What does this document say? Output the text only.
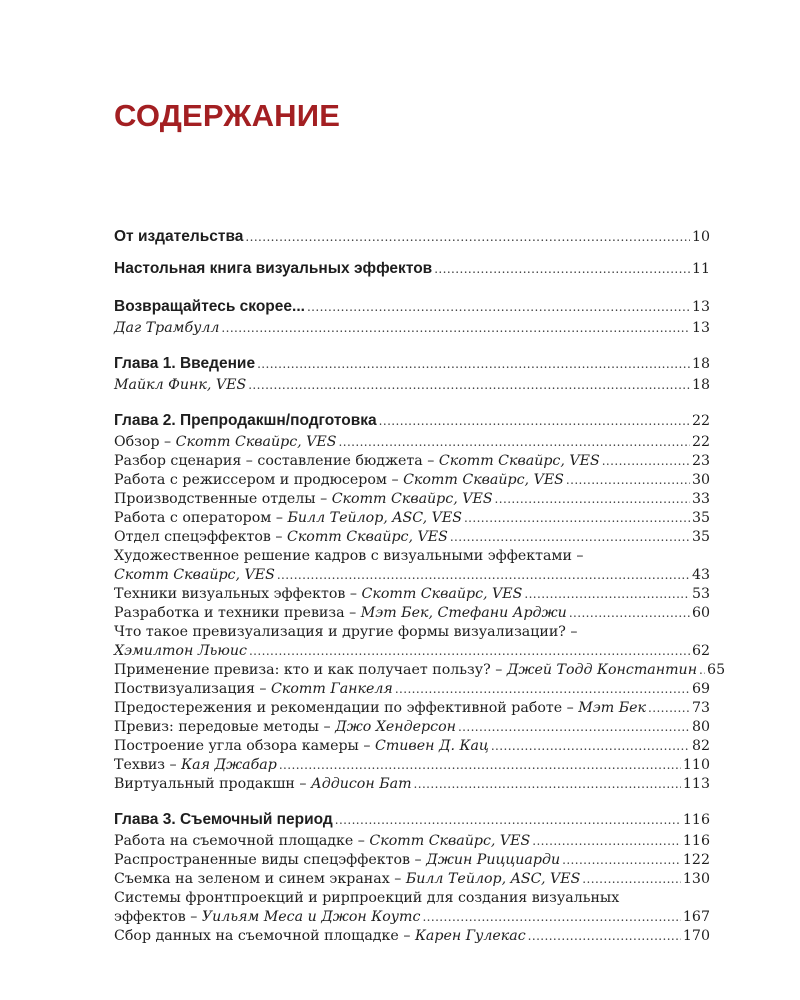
СОДЕРЖАНИЕ
От издательства .....	10
Настольная книга визуальных эффектов .....	11
Возвращайтесь скорее... .....	13
Даг Трамбулл .....	13
Глава 1. Введение .....	18
Майкл Финк, VES .....	18
Глава 2. Препродакшн/подготовка .....	22
Обзор – Скотт Сквайрс, VES .....	22
Разбор сценария – составление бюджета – Скотт Сквайрс, VES .....	23
Работа с режиссером и продюсером – Скотт Сквайрс, VES .....	30
Производственные отделы – Скотт Сквайрс, VES .....	33
Работа с оператором – Билл Тейлор, ASC, VES .....	35
Отдел спецэффектов – Скотт Сквайрс, VES .....	35
Художественное решение кадров с визуальными эффектами –
Скотт Сквайрс, VES .....	43
Техники визуальных эффектов – Скотт Сквайрс, VES .....	53
Разработка и техники превиза – Мэт Бек, Стефани Арджи .....	60
Что такое превизуализация и другие формы визуализации? –
Хэмилтон Льюис .....	62
Применение превиза: кто и как получает пользу? – Джей Тодд Константин ..... 65
Поствизуализация – Скотт Ганкеля .....	69
Предостережения и рекомендации по эффективной работе – Мэт Бек .....	73
Превиз: передовые методы – Джо Хендерсон .....	80
Построение угла обзора камеры – Стивен Д. Кац .....	82
Техвиз – Кая Джабар .....	110
Виртуальный продакшн – Аддисон Бат .....	113
Глава 3. Съемочный период .....	116
Работа на съемочной площадке – Скотт Сквайрс, VES .....	116
Распространенные виды спецэффектов – Джин Рицциарди .....	122
Съемка на зеленом и синем экранах – Билл Тейлор, ASC, VES .....	130
Системы фронтпроекций и рирпроекций для создания визуальных
эффектов – Уильям Меса и Джон Коутс .....	167
Сбор данных на съемочной площадке – Карен Гулекас .....	170
